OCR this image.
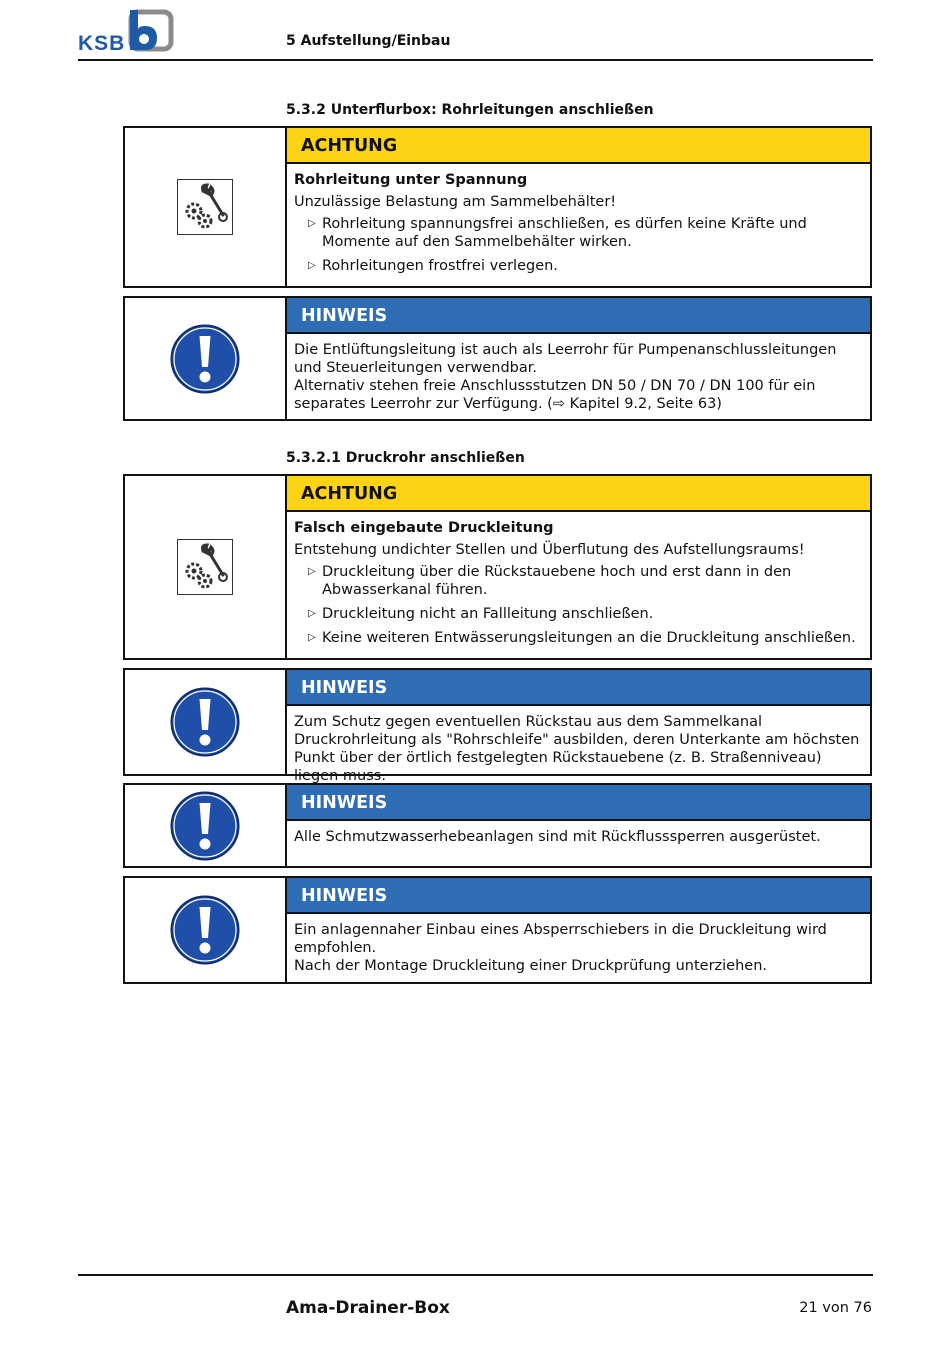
KSB	5 Aufstellung/Einbau
5.3.2 Unterflurbox: Rohrleitungen anschließen
ACHTUNG
Rohrleitung unter Spannung
Unzulässige Belastung am Sammelbehälter!
▷ Rohrleitung spannungsfrei anschließen, es dürfen keine Kräfte und Momente auf den Sammelbehälter wirken.
▷ Rohrleitungen frostfrei verlegen.
HINWEIS
Die Entlüftungsleitung ist auch als Leerrohr für Pumpenanschlussleitungen und Steuerleitungen verwendbar.
Alternativ stehen freie Anschlussstutzen DN 50 / DN 70 / DN 100 für ein separates Leerrohr zur Verfügung. (⇨ Kapitel 9.2, Seite 63)
5.3.2.1 Druckrohr anschließen
ACHTUNG
Falsch eingebaute Druckleitung
Entstehung undichter Stellen und Überflutung des Aufstellungsraums!
▷ Druckleitung über die Rückstauebene hoch und erst dann in den Abwasserkanal führen.
▷ Druckleitung nicht an Fallleitung anschließen.
▷ Keine weiteren Entwässerungsleitungen an die Druckleitung anschließen.
HINWEIS
Zum Schutz gegen eventuellen Rückstau aus dem Sammelkanal Druckrohrleitung als "Rohrschleife" ausbilden, deren Unterkante am höchsten Punkt über der örtlich festgelegten Rückstauebene (z. B. Straßenniveau) liegen muss.
HINWEIS
Alle Schmutzwasserhebeanlagen sind mit Rückflusssperren ausgerüstet.
HINWEIS
Ein anlagennaher Einbau eines Absperrschiebers in die Druckleitung wird empfohlen.
Nach der Montage Druckleitung einer Druckprüfung unterziehen.
Ama-Drainer-Box	21 von 76
